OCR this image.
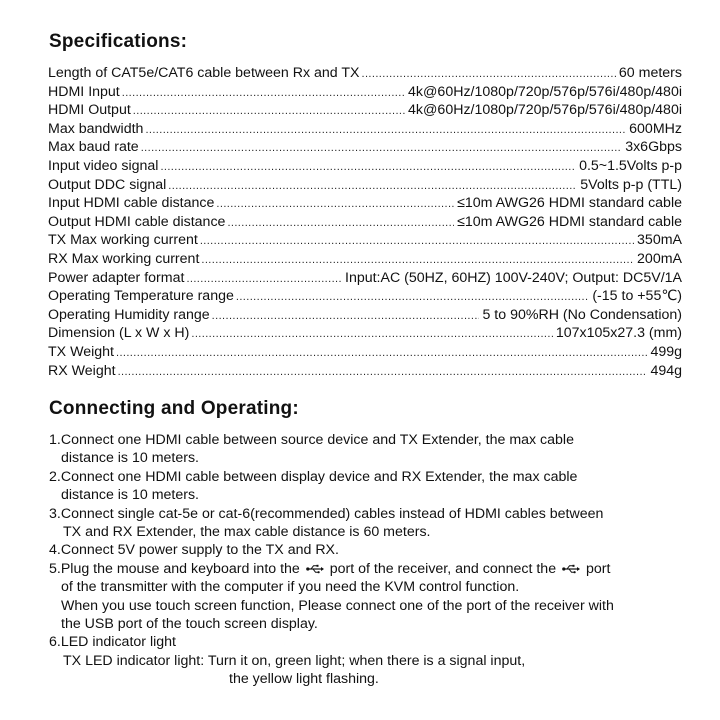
Specifications:
Length of CAT5e/CAT6 cable between Rx and TX .....	60 meters
HDMI Input .....	4k@60Hz/1080p/720p/576p/576i/480p/480i
HDMI Output .....	4k@60Hz/1080p/720p/576p/576i/480p/480i
Max bandwidth .....	600MHz
Max baud rate .....	3x6Gbps
Input video signal .....	0.5~1.5Volts p-p
Output DDC signal .....	5Volts p-p (TTL)
Input HDMI cable distance .....	≤10m AWG26 HDMI standard cable
Output HDMI cable distance .....	≤10m AWG26 HDMI standard cable
TX Max working current .....	350mA
RX Max working current .....	200mA
Power adapter format .....	Input:AC (50HZ, 60HZ) 100V-240V; Output: DC5V/1A
Operating Temperature range .....	(-15 to +55℃)
Operating Humidity range .....	5 to 90%RH (No Condensation)
Dimension (L x W x H) .....	107x105x27.3 (mm)
TX Weight .....	499g
RX Weight .....	494g
Connecting and Operating:
1.Connect one HDMI cable between source device and TX Extender, the max cable
distance is 10 meters.
2.Connect one HDMI cable between display device and RX Extender, the max cable
distance is 10 meters.
3.Connect single cat-5e or cat-6(recommended) cables instead of HDMI cables between
TX and RX Extender, the max cable distance is 60 meters.
4.Connect 5V power supply to the TX and RX.
5.Plug the mouse and keyboard into the port of the receiver, and connect the port
of the transmitter with the computer if you need the KVM control function.
When you use touch screen function, Please connect one of the port of the receiver with
the USB port of the touch screen display.
6.LED indicator light
TX LED indicator light: Turn it on, green light; when there is a signal input,
the yellow light flashing.
